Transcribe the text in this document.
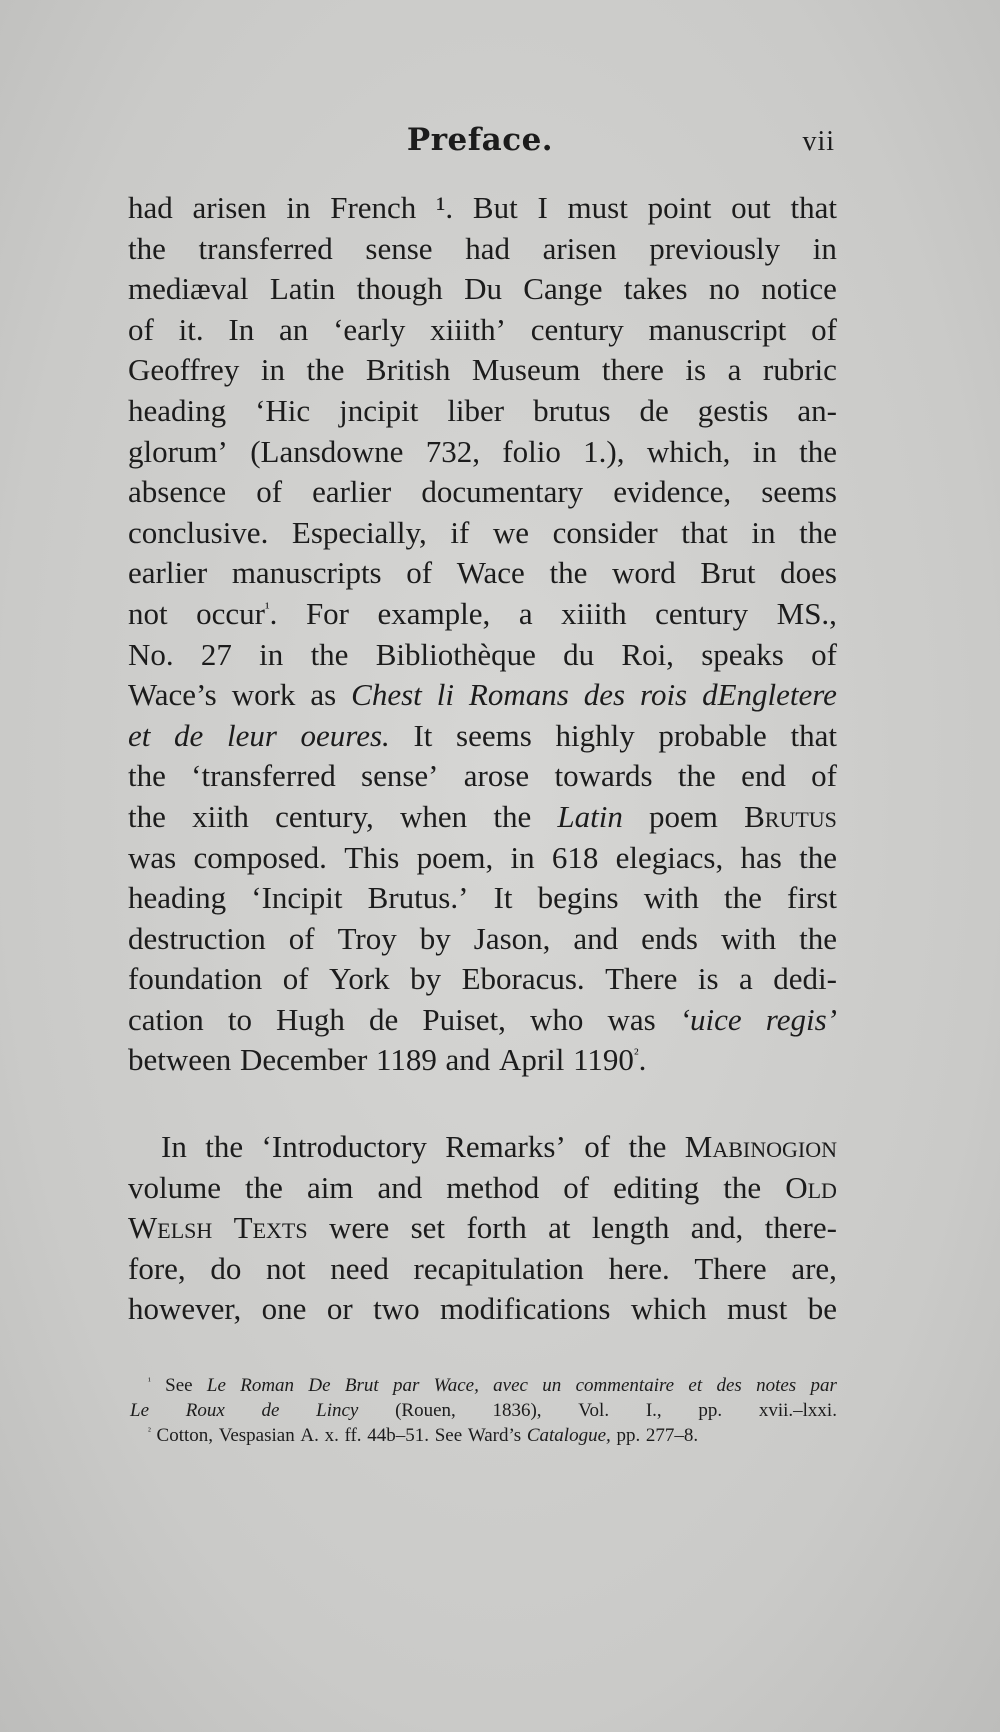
Preface.	vii
had arisen in French ¹. But I must point out that
the transferred sense had arisen previously in
mediæval Latin though Du Cange takes no notice
of it. In an ‘early xiiith’ century manuscript of
Geoffrey in the British Museum there is a rubric
heading ‘Hic jncipit liber brutus de gestis an-
glorum’ (Lansdowne 732, folio 1.), which, in the
absence of earlier documentary evidence, seems
conclusive. Especially, if we consider that in the
earlier manuscripts of Wace the word Brut does
not occur$^{^1}$. For example, a xiiith century MS.,
No. 27 in the Bibliothèque du Roi, speaks of
Wace’s work as Chest li Romans des rois dEngletere
et de leur oeures. It seems highly probable that
the ‘transferred sense’ arose towards the end of
the xiith century, when the Latin poem Brutus
was composed. This poem, in 618 elegiacs, has the
heading ‘Incipit Brutus.’ It begins with the first
destruction of Troy by Jason, and ends with the
foundation of York by Eboracus. There is a dedi-
cation to Hugh de Puiset, who was ‘uice regis’
between December 1189 and April $1190^{^2}$.
In the ‘Introductory Remarks’ of the Mabinogion
volume the aim and method of editing the Old
Welsh Texts were set forth at length and, there-
fore, do not need recapitulation here. There are,
however, one or two modifications which must be
$^{^1}$ See Le Roman De Brut par Wace, avec un commentaire et des notes par
Le Roux de Lincy (Rouen, 1836), Vol. I., pp. xvii.–lxxi.
$^{^2}$ Cotton, Vespasian A. x. ff. 44b–51. See Ward’s Catalogue, pp. 277–8.
